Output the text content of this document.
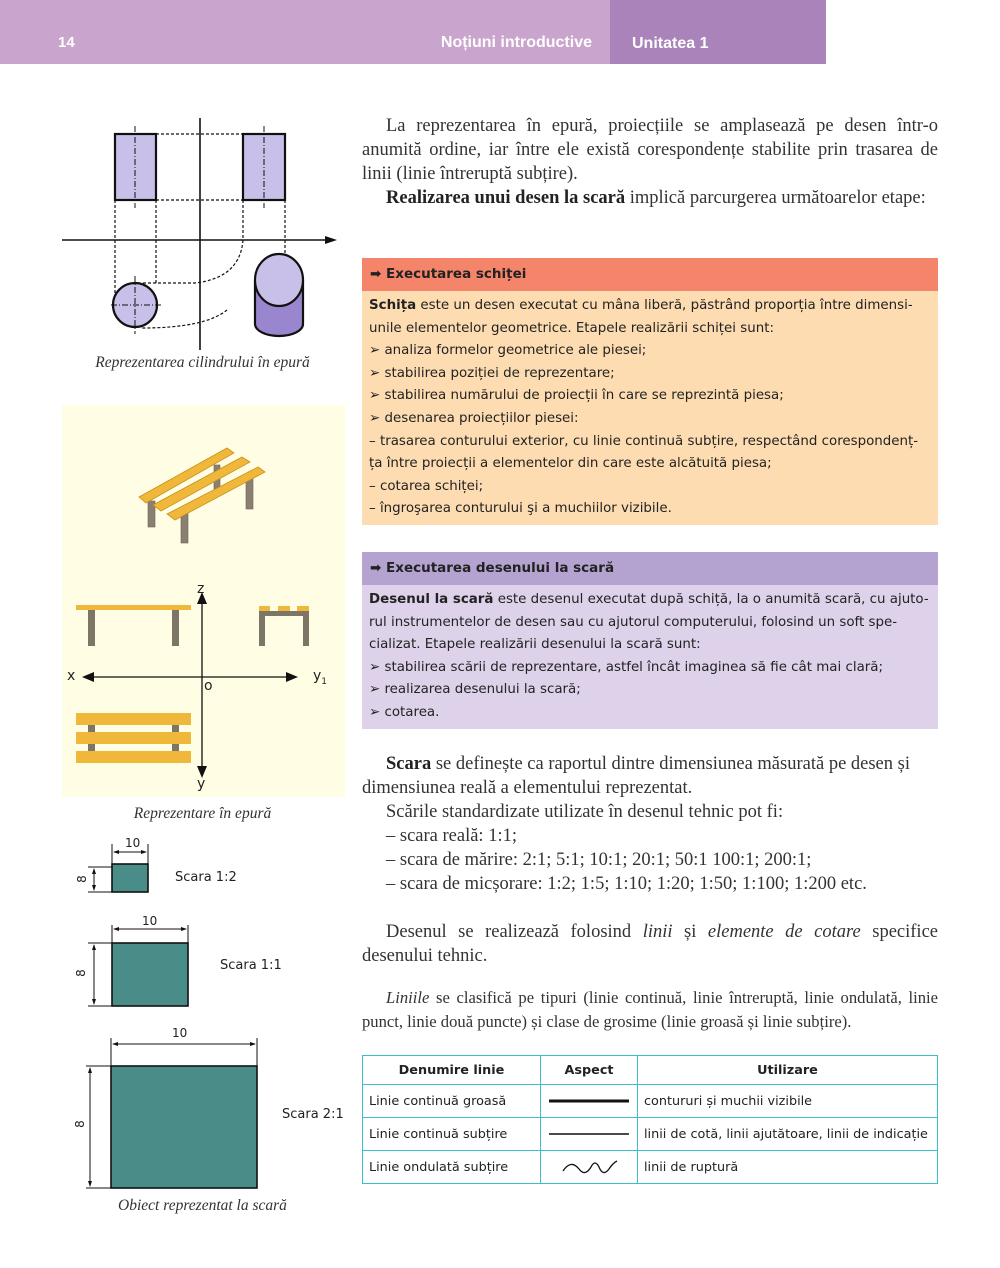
14	Noțiuni introductive	Unitatea 1
Reprezentarea cilindrului în epură
z
x
o
$y_1$
y
Reprezentare în epură
10
8	Scara 1:2
10
8	Scara 1:1
10
8
Scara 2:1
Obiect reprezentat la scară

La reprezentarea în epură, proiecțiile se amplasează pe desen într-o anumită ordine, iar între ele există corespondențe stabilite prin trasarea de linii (linie întreruptă subțire).

Realizarea unui desen la scară implică parcurgerea următoarelor etape:

➡ Executarea schiței
Schița este un desen executat cu mâna liberă, păstrând proporția între dimensi-
unile elementelor geometrice. Etapele realizării schiței sunt:
➢ analiza formelor geometrice ale piesei;
➢ stabilirea poziției de reprezentare;
➢ stabilirea numărului de proiecții în care se reprezintă piesa;
➢ desenarea proiecțiilor piesei:
– trasarea conturului exterior, cu linie continuă subțire, respectând corespondenț-
ța între proiecții a elementelor din care este alcătuită piesa;
– cotarea schiței;
– îngroşarea conturului şi a muchiilor vizibile.
➡ Executarea desenului la scară
Desenul la scară este desenul executat după schiță, la o anumită scară, cu ajuto-
rul instrumentelor de desen sau cu ajutorul computerului, folosind un soft spe-
cializat. Etapele realizării desenului la scară sunt:
➢ stabilirea scării de reprezentare, astfel încât imaginea să fie cât mai clară;
➢ realizarea desenului la scară;
➢ cotarea.

Scara se definește ca raportul dintre dimensiunea măsurată pe desen și dimensiunea reală a elementului reprezentat.

Scările standardizate utilizate în desenul tehnic pot fi:
– scara reală: 1:1;
– scara de mărire: 2:1; 5:1; 10:1; 20:1; 50:1 100:1; 200:1;
– scara de micșorare: 1:2; 1:5; 1:10; 1:20; 1:50; 1:100; 1:200 etc.

Desenul se realizează folosind linii și elemente de cotare specifice desenului tehnic.

Liniile se clasifică pe tipuri (linie continuă, linie întreruptă, linie ondulată, linie punct, linie două puncte) și clase de grosime (linie groasă și linie subțire).

Denumire linie	Aspect	Utilizare
Linie continuă groasă		contururi și muchii vizibile
Linie continuă subțire		linii de cotă, linii ajutătoare, linii de indicație
Linie ondulată subțire		linii de ruptură
